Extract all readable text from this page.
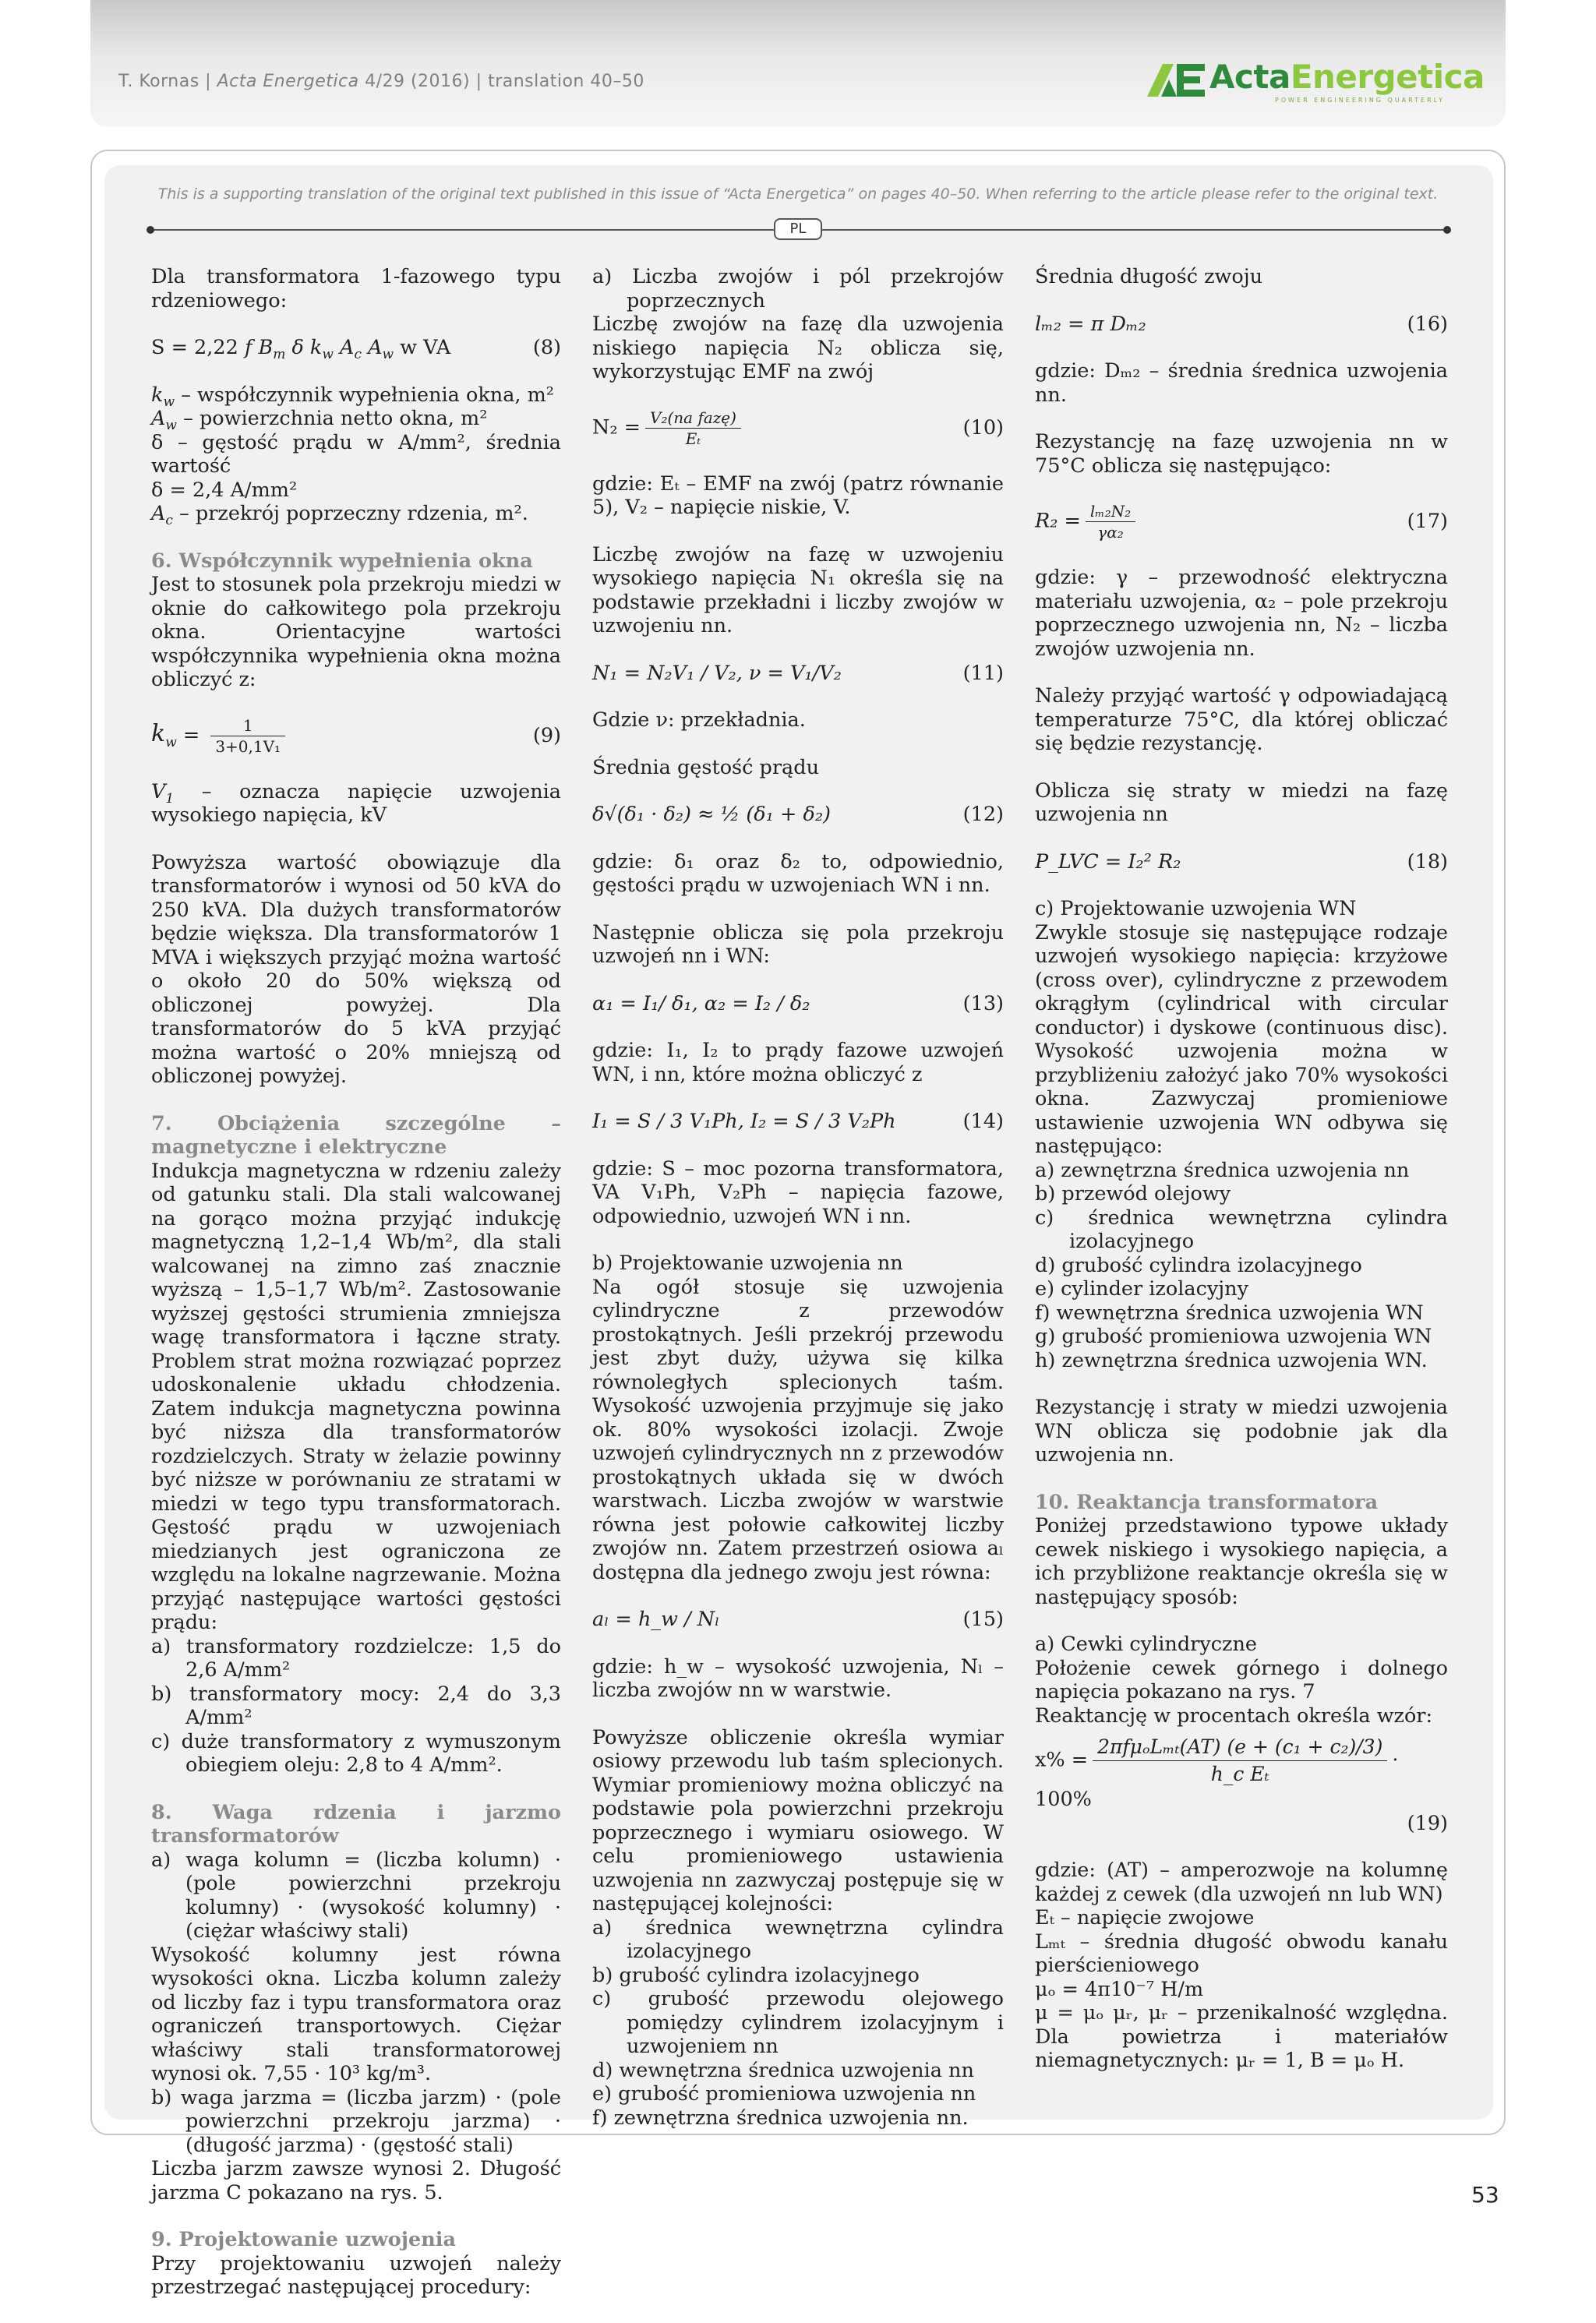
T. Kornas | Acta Energetica 4/29 (2016) | translation 40–50	ActaEnergetica
POWER ENGINEERING QUARTERLY
This is a supporting translation of the original text published in this issue of “Acta Energetica” on pages 40–50. When referring to the article please refer to the original text.
PL

Dla transformatora 1-fazowego typu rdzeniowego:

S = 2,22 f $B_m$ δ $k_w$ $A_c$ $A_w$ w VA	(8)

$k_w$ – współczynnik wypełnienia okna, m²

$A_w$ – powierzchnia netto okna, m²

δ – gęstość prądu w A/mm², średnia wartość

δ = 2,4 A/mm²

$A_c$ – przekrój poprzeczny rdzenia, m².

6. Współczynnik wypełnienia okna

Jest to stosunek pola przekroju miedzi w oknie do całkowitego pola przekroju okna. Orientacyjne wartości współczynnika wypełnienia okna można obliczyć z:

$k_w = \frac{1}{\text{3+0,1V₁}}$	(9)

$V_1$ – oznacza napięcie uzwojenia wysokiego napięcia, kV

Powyższa wartość obowiązuje dla transformatorów i wynosi od 50 kVA do 250 kVA. Dla dużych transformatorów będzie większa. Dla transformatorów 1 MVA i większych przyjąć można wartość o około 20 do 50% większą od obliczonej powyżej. Dla transformatorów do 5 kVA przyjąć można wartość o 20% mniejszą od obliczonej powyżej.

7. Obciążenia szczególne – magnetyczne i elektryczne

Indukcja magnetyczna w rdzeniu zależy od gatunku stali. Dla stali walcowanej na gorąco można przyjąć indukcję magnetyczną 1,2–1,4 Wb/m², dla stali walcowanej na zimno zaś znacznie wyższą – 1,5–1,7 Wb/m². Zastosowanie wyższej gęstości strumienia zmniejsza wagę transformatora i łączne straty. Problem strat można rozwiązać poprzez udoskonalenie układu chłodzenia. Zatem indukcja magnetyczna powinna być niższa dla transformatorów rozdzielczych. Straty w żelazie powinny być niższe w porównaniu ze stratami w miedzi w tego typu transformatorach. Gęstość prądu w uzwojeniach miedzianych jest ograniczona ze względu na lokalne nagrzewanie. Można przyjąć następujące wartości gęstości prądu:

a) transformatory rozdzielcze: 1,5 do 2,6 A/mm²

b) transformatory mocy: 2,4 do 3,3 A/mm²

c) duże transformatory z wymuszonym obiegiem oleju: 2,8 to 4 A/mm².

8. Waga rdzenia i jarzmo transformatorów

a) waga kolumn = (liczba kolumn) · (pole powierzchni przekroju kolumny) · (wysokość kolumny) · (ciężar właściwy stali)

Wysokość kolumny jest równa wysokości okna. Liczba kolumn zależy od liczby faz i typu transformatora oraz ograniczeń transportowych. Ciężar właściwy stali transformatorowej wynosi ok. 7,55 · 10³ kg/m³.

b) waga jarzma = (liczba jarzm) · (pole powierzchni przekroju jarzma) · (długość jarzma) · (gęstość stali)

Liczba jarzm zawsze wynosi 2. Długość jarzma C pokazano na rys. 5.

9. Projektowanie uzwojenia

Przy projektowaniu uzwojeń należy przestrzegać następującej procedury:

a) Liczba zwojów i pól przekrojów poprzecznych

Liczbę zwojów na fazę dla uzwojenia niskiego napięcia N₂ oblicza się, wykorzystując EMF na zwój

$N_2 = \frac{\text{V₂(na fazę)}}{\text{Eₜ}}$	(10)

gdzie: Eₜ – EMF na zwój (patrz równanie 5), V₂ – napięcie niskie, V.

Liczbę zwojów na fazę w uzwojeniu wysokiego napięcia N₁ określa się na podstawie przekładni i liczby zwojów w uzwojeniu nn.

N₁ = N₂V₁ / V₂, ν = V₁/V₂	(11)

Gdzie ν: przekładnia.

Średnia gęstość prądu

δ√(δ₁ · δ₂) ≈ ½ (δ₁ + δ₂)	(12)

gdzie: δ₁ oraz δ₂ to, odpowiednio, gęstości prądu w uzwojeniach WN i nn.

Następnie oblicza się pola przekroju uzwojeń nn i WN:

α₁ = I₁/ δ₁, α₂ = I₂ / δ₂	(13)

gdzie: I₁, I₂ to prądy fazowe uzwojeń WN, i nn, które można obliczyć z

I₁ = S / 3 V₁Ph, I₂ = S / 3 V₂Ph	(14)

gdzie: S – moc pozorna transformatora, VA V₁Ph, V₂Ph – napięcia fazowe, odpowiednio, uzwojeń WN i nn.

b) Projektowanie uzwojenia nn

Na ogół stosuje się uzwojenia cylindryczne z przewodów prostokątnych. Jeśli przekrój przewodu jest zbyt duży, używa się kilka równoległych splecionych taśm. Wysokość uzwojenia przyjmuje się jako ok. 80% wysokości izolacji. Zwoje uzwojeń cylindrycznych nn z przewodów prostokątnych układa się w dwóch warstwach. Liczba zwojów w warstwie równa jest połowie całkowitej liczby zwojów nn. Zatem przestrzeń osiowa aₗ dostępna dla jednego zwoju jest równa:

aₗ = h_w / Nₗ	(15)

gdzie: h_w – wysokość uzwojenia, Nₗ – liczba zwojów nn w warstwie.

Powyższe obliczenie określa wymiar osiowy przewodu lub taśm splecionych. Wymiar promieniowy można obliczyć na podstawie pola powierzchni przekroju poprzecznego i wymiaru osiowego. W celu promieniowego ustawienia uzwojenia nn zazwyczaj postępuje się w następującej kolejności:

a) średnica wewnętrzna cylindra izolacyjnego

b) grubość cylindra izolacyjnego

c) grubość przewodu olejowego pomiędzy cylindrem izolacyjnym i uzwojeniem nn

d) wewnętrzna średnica uzwojenia nn

e) grubość promieniowa uzwojenia nn

f) zewnętrzna średnica uzwojenia nn.

Średnia długość zwoju

lₘ₂ = π Dₘ₂	(16)

gdzie: Dₘ₂ – średnia średnica uzwojenia nn.

Rezystancję na fazę uzwojenia nn w 75°C oblicza się następująco:

$R_2 = \frac{\text{lₘ₂N₂}}{\text{γα₂}}$	(17)

gdzie: γ – przewodność elektryczna materiału uzwojenia, α₂ – pole przekroju poprzecznego uzwojenia nn, N₂ – liczba zwojów uzwojenia nn.

Należy przyjąć wartość γ odpowiadającą temperaturze 75°C, dla której obliczać się będzie rezystancję.

Oblicza się straty w miedzi na fazę uzwojenia nn

P_LVC = I₂² R₂	(18)

c) Projektowanie uzwojenia WN

Zwykle stosuje się następujące rodzaje uzwojeń wysokiego napięcia: krzyżowe (cross over), cylindryczne z przewodem okrągłym (cylindrical with circular conductor) i dyskowe (continuous disc). Wysokość uzwojenia można w przybliżeniu założyć jako 70% wysokości okna. Zazwyczaj promieniowe ustawienie uzwojenia WN odbywa się następująco:

a) zewnętrzna średnica uzwojenia nn

b) przewód olejowy

c) średnica wewnętrzna cylindra izolacyjnego

d) grubość cylindra izolacyjnego

e) cylinder izolacyjny

f) wewnętrzna średnica uzwojenia WN

g) grubość promieniowa uzwojenia WN

h) zewnętrzna średnica uzwojenia WN.

Rezystancję i straty w miedzi uzwojenia WN oblicza się podobnie jak dla uzwojenia nn.

10. Reaktancja transformatora

Poniżej przedstawiono typowe układy cewek niskiego i wysokiego napięcia, a ich przybliżone reaktancje określa się w następujący sposób:

a) Cewki cylindryczne

Położenie cewek górnego i dolnego napięcia pokazano na rys. 7

Reaktancję w procentach określa wzór:

$x\% = \frac{\text{2πfμₒLₘₜ(AT) (e + (c₁ + c₂)/3)}}{\text{h\_c Eₜ}} \cdot 100\%$
(19)

gdzie: (AT) – amperozwoje na kolumnę każdej z cewek (dla uzwojeń nn lub WN)

Eₜ – napięcie zwojowe

Lₘₜ – średnia długość obwodu kanału pierścieniowego

μₒ = 4π10⁻⁷ H/m

μ = μₒ μᵣ, μᵣ – przenikalność względna. Dla powietrza i materiałów niemagnetycznych: μᵣ = 1, B = μₒ H.

53
